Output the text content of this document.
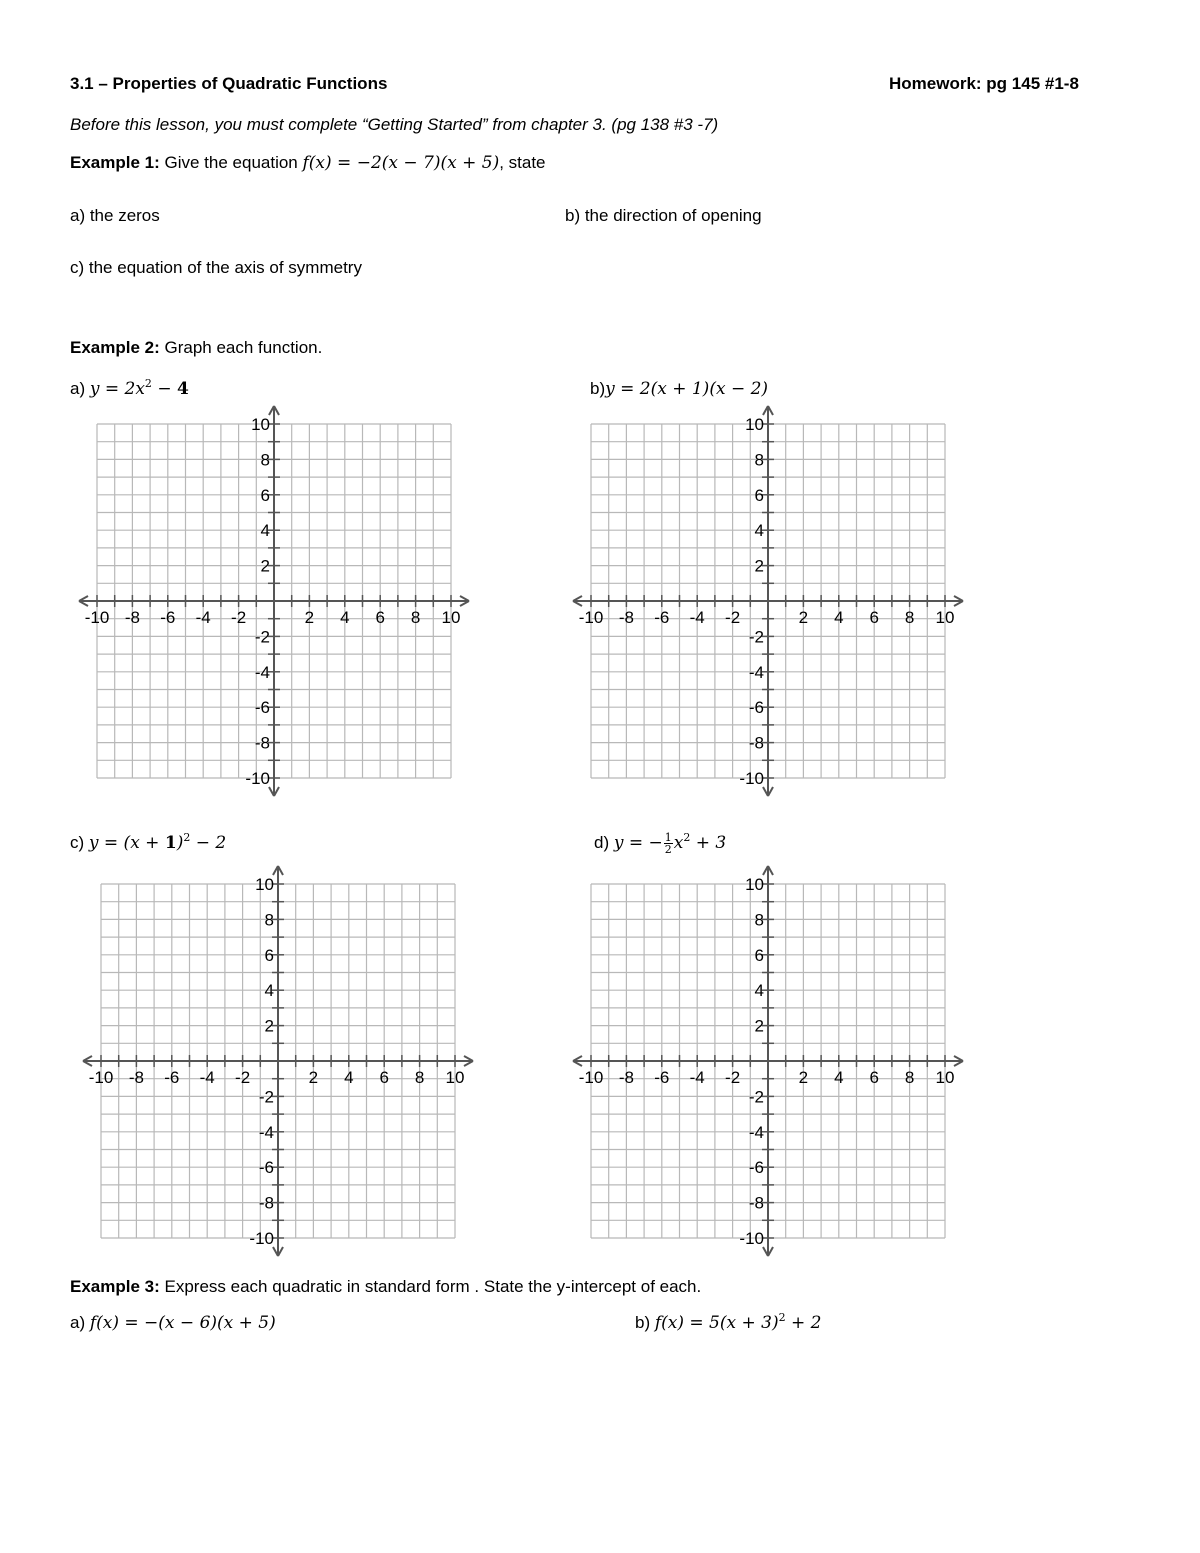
3.1 – Properties of Quadratic Functions	Homework: pg 145 #1-8
Before this lesson, you must complete “Getting Started” from chapter 3. (pg 138 #3 -7)
Example 1: Give the equation f(x) = −2(x − 7)(x + 5), state
a) the zeros	b) the direction of opening
c) the equation of the axis of symmetry
Example 2: Graph each function.
a) $y = 2x^2 - 4$	b)y = 2(x + 1)(x − 2)
c) $y = (x + 1)^2 - 2$	d) y = − $\frac{1}{2} x^2 + 3$
-10 -8 -6 -4 -2	2 4 6 8 10
10
8
6
4
2
-2
-4
-6
-8
-10
-10 -8 -6 -4 -2	2 4 6 8 10
10
8
6
4
2
-2
-4
-6
-8
-10
-10 -8 -6 -4 -2	2 4 6 8 10
10
8
6
4
2
-2
-4
-6
-8
-10
-10 -8 -6 -4 -2	2 4 6 8 10
10
8
6
4
2
-2
-4
-6
-8
-10
Example 3: Express each quadratic in standard form . State the y-intercept of each.
a) f(x) = −(x − 6)(x + 5)	b) $f(x) = 5(x + 3)^2 + 2$
